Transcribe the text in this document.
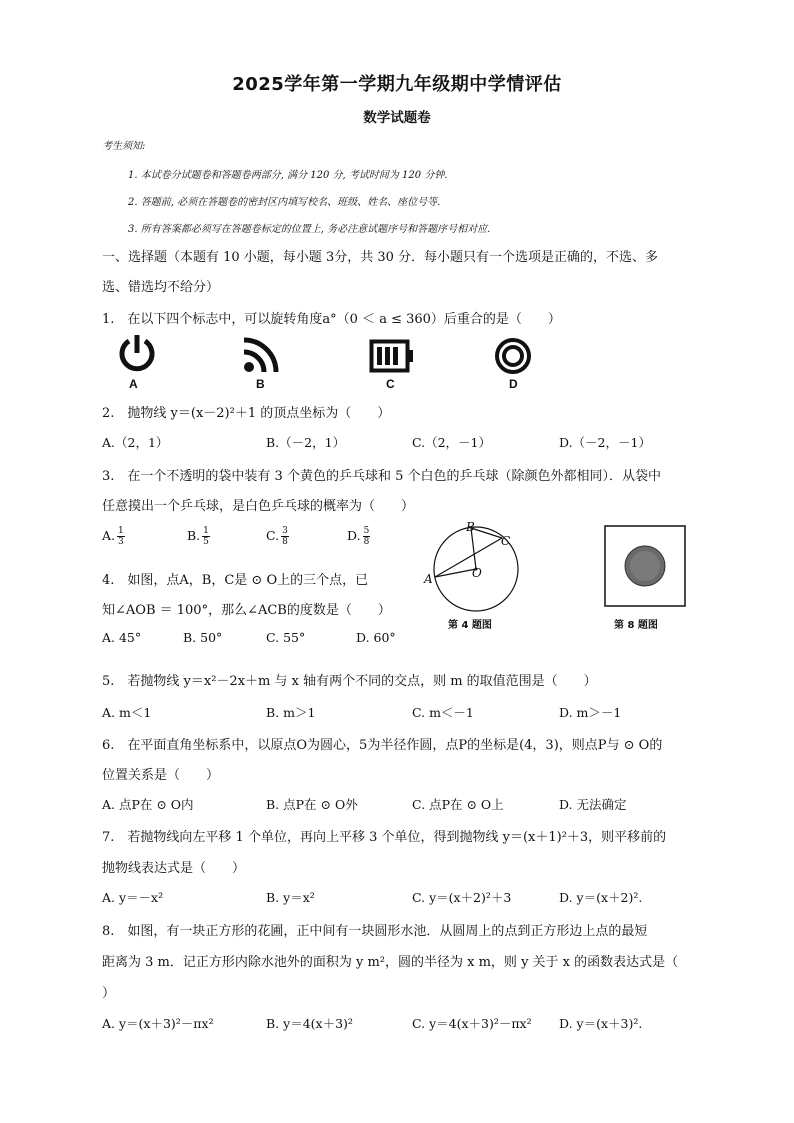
2025学年第一学期九年级期中学情评估
数学试题卷
考生须知:
1. 本试卷分试题卷和答题卷两部分, 满分 120 分, 考试时间为 120 分钟.
2. 答题前, 必须在答题卷的密封区内填写校名、班级、姓名、座位号等.
3. 所有答案都必须写在答题卷标定的位置上, 务必注意试题序号和答题序号相对应.
一、选择题（本题有 10 小题，每小题 3分，共 30 分．每小题只有一个选项是正确的，不选、多
选、错选均不给分）
1.　在以下四个标志中，可以旋转角度a°（0 ＜ a ≤ 360）后重合的是（　　）
A	B	C	D
2.　抛物线 y＝(x－2)²＋1 的顶点坐标为（　　）
A.（2，1）	B.（－2，1）	C.（2，－1）	D.（－2，－1）
3.　在一个不透明的袋中装有 3 个黄色的乒乓球和 5 个白色的乒乓球（除颜色外都相同）．从袋中
任意摸出一个乒乓球，是白色乒乓球的概率为（　　）
A. $\frac{1}{3}$	B. $\frac{1}{5}$	C. $\frac{3}{8}$	D. $\frac{5}{8}$
A
B
C
O
第 4 题图	第 8 题图
4.　如图，点A，B，C是 ⊙ O上的三个点，已
知∠AOB ＝ 100°，那么∠ACB的度数是（　　）
A. 45°	B. 50°	C. 55°	D. 60°
5.　若抛物线 y＝x²－2x＋m 与 x 轴有两个不同的交点，则 m 的取值范围是（　　）
A. m＜1	B. m＞1	C. m＜－1	D. m＞－1
6.　在平面直角坐标系中，以原点O为圆心，5为半径作圆，点P的坐标是(4，3)，则点P与 ⊙ O的
位置关系是（　　）
A. 点P在 ⊙ O内	B. 点P在 ⊙ O外	C. 点P在 ⊙ O上	D. 无法确定
7.　若抛物线向左平移 1 个单位，再向上平移 3 个单位，得到抛物线 y＝(x＋1)²＋3，则平移前的
抛物线表达式是（　　）
A. y＝－x²	B. y＝x²	C. y＝(x＋2)²＋3	D. y＝(x＋2)².
8.　如图，有一块正方形的花圃，正中间有一块圆形水池．从圆周上的点到正方形边上点的最短
距离为 3 m．记正方形内除水池外的面积为 y m²，圆的半径为 x m，则 y 关于 x 的函数表达式是（
）
A. y＝(x＋3)²－πx²	B. y＝4(x＋3)²	C. y＝4(x＋3)²－πx² D. y＝(x＋3)².
